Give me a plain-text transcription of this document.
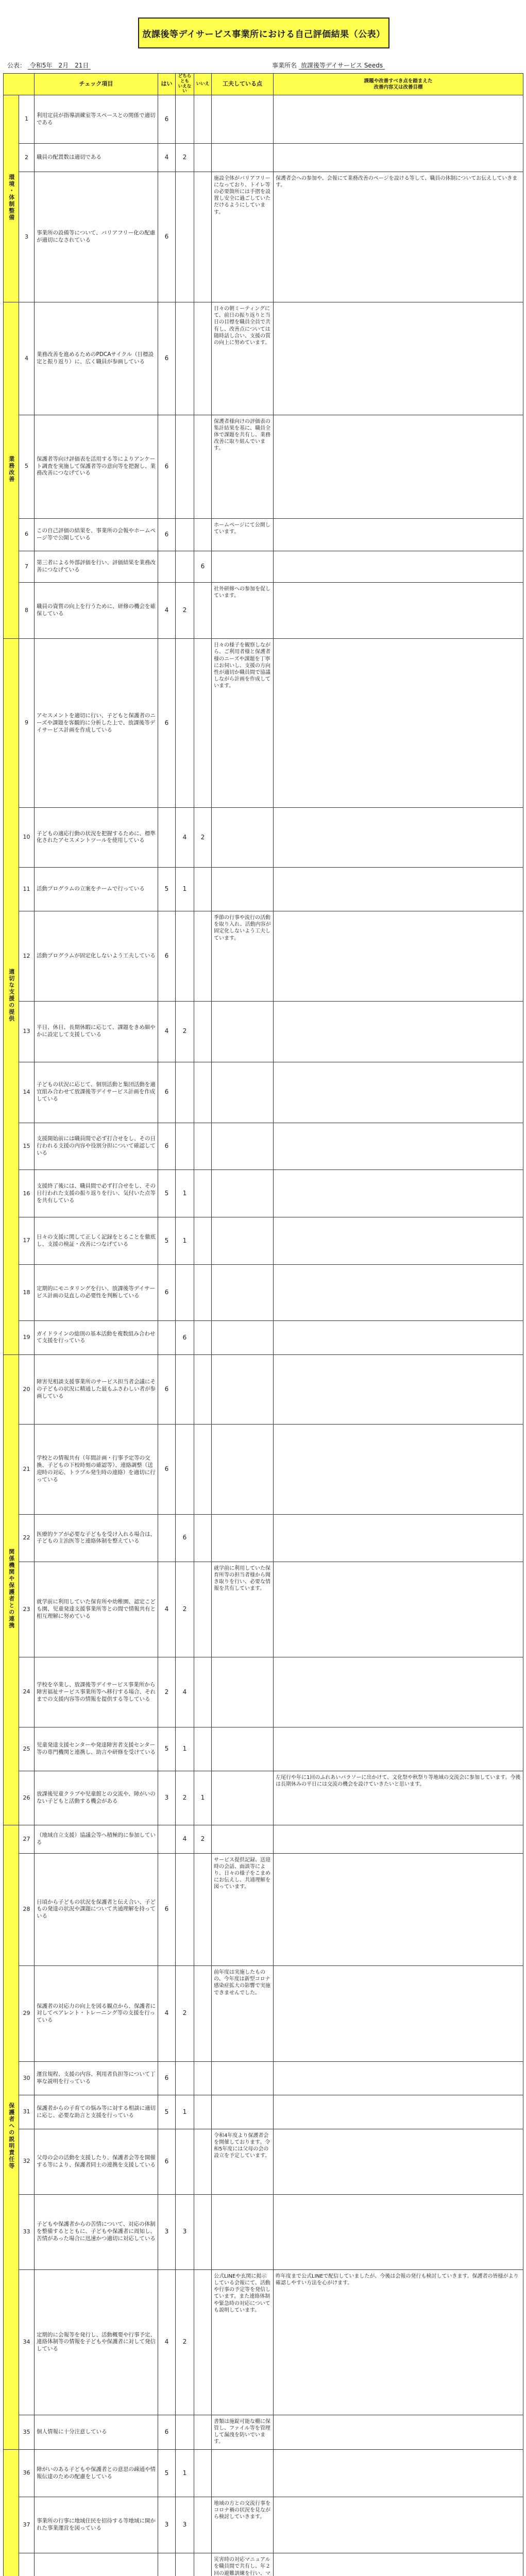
放課後等デイサービス事業所における自己評価結果（公表）
公表： 令和5年　2月　21日	事業所名 放課後等デイサービス Seeds
		チェック項目	はい	どちらとも
いえない	いいえ	工夫している点	課題や改善すべき点を踏まえた
改善内容又は改善目標
環境・体制整備	1	利用定員が指導訓練室等スペースとの関係で適切である	6				
	2	職員の配置数は適切である	4	2			
	3	事業所の設備等について、バリアフリー化の配慮が適切になされている	6			施設全体がバリアフリーになっており、トイレ等の必要箇所には手摺を設置し安全に過ごしていただけるようにしています。	保護者会への参加や、会報にて業務改善のページを設ける等して、職員の体制についてお伝えしていきます。
業務改善	4	業務改善を進めるためのPDCAサイクル（目標設定と振り返り）に、広く職員が参画している	6			日々の朝ミーティングにて、前日の振り返りと当日の目標を職員全員で共有し、改善点については随時話し合い、支援の質の向上に努めています。	
	5	保護者等向け評価表を活用する等によりアンケート調査を実施して保護者等の意向等を把握し、業務改善につなげている	6			保護者様向けの評価表の集計結果を基に、職員全体で課題を共有し、業務改善に取り組んでいます。	
	6	この自己評価の結果を、事業所の会報やホームページ等で公開している	6			ホームページにて公開しています。	
	7	第三者による外部評価を行い、評価結果を業務改善につなげている			6		
	8	職員の資質の向上を行うために、研修の機会を確保している	4	2		社外研修への参加を促しています。	
適切な支援の提供	9	アセスメントを適切に行い、子どもと保護者のニーズや課題を客観的に分析した上で、放課後等デイサービス計画を作成している	6			日々の様子を観察しながら、ご利用者様と保護者様のニーズや課題を丁寧にお伺いし、支援の方向性が適切か職員間で協議しながら計画を作成しています。	
	10	子どもの適応行動の状況を把握するために、標準化されたアセスメントツールを使用している		4	2		
	11	活動プログラムの立案をチームで行っている	5	1			
	12	活動プログラムが固定化しないよう工夫している	6			季節の行事や流行の活動を取り入れ、活動内容が固定化しないよう工夫しています。	
	13	平日、休日、長期休暇に応じて、課題をきめ細やかに設定して支援している	4	2			
	14	子どもの状況に応じて、個別活動と集団活動を適宜組み合わせて放課後等デイサービス計画を作成している	6				
	15	支援開始前には職員間で必ず打合せをし、その日行われる支援の内容や役割分担について確認している	6				
	16	支援終了後には、職員間で必ず打合せをし、その日行われた支援の振り返りを行い、気付いた点等を共有している	5	1			
	17	日々の支援に関して正しく記録をとることを徹底し、支援の検証・改善につなげている	5	1			
	18	定期的にモニタリングを行い、放課後等デイサービス計画の見直しの必要性を判断している	6				
	19	ガイドラインの総則の基本活動を複数組み合わせて支援を行っている		6			
関係機関や保護者との連携	20	障害児相談支援事業所のサービス担当者会議にその子どもの状況に精通した最もふさわしい者が参画している	6				
	21	学校との情報共有（年間計画・行事予定等の交換、子どもの下校時刻の確認等）、連絡調整（送迎時の対応、トラブル発生時の連絡）を適切に行っている	6				
	22	医療的ケアが必要な子どもを受け入れる場合は、子どもの主治医等と連絡体制を整えている		6			
	23	就学前に利用していた保育所や幼稚園、認定こども園、児童発達支援事業所等との間で情報共有と相互理解に努めている	4	2		就学前に利用していた保育所等の担当者様から聞き取りを行い、必要な情報を共有しています。	
	24	学校を卒業し、放課後等デイサービス事業所から障害福祉サービス事業所等へ移行する場合、それまでの支援内容等の情報を提供する等している	2	4			
	25	児童発達支援センターや発達障害者支援センター等の専門機関と連携し、助言や研修を受けている	5	1			
	26	放課後児童クラブや児童館との交流や、障がいのない子どもと活動する機会がある	3	2	1		左尾行や年に1回のふれあいパラソーに出かけて、文化祭や秋祭り等地域の交流会に参加しています。今後は長期休みの平日には交流の機会を設けていきたいと思います。
保護者への説明責任等	27	（地域自立支援）協議会等へ積極的に参加している		4	2		
	28	日頃から子どもの状況を保護者と伝え合い、子どもの発達の状況や課題について共通理解を持っている	6			サービス提供記録、送迎時の会話、面談等により、日々の様子をこまめにお伝えし、共通理解を図っています。	
	29	保護者の対応力の向上を図る観点から、保護者に対してペアレント・トレーニング等の支援を行っている	4	2		前年度は実施したものの、今年度は新型コロナ感染症拡大の影響で実施できませんでした。	
	30	運営規程、支援の内容、利用者負担等について丁寧な説明を行っている	6				
	31	保護者からの子育ての悩み等に対する相談に適切に応じ、必要な助言と支援を行っている	5	1			
	32	父母の会の活動を支援したり、保護者会等を開催する等により、保護者同士の連携を支援している	6			令和4年度より保護者会を開催しております。令和5年度には父母の会の設立を予定しています。	
	33	子どもや保護者からの苦情について、対応の体制を整備するとともに、子どもや保護者に周知し、苦情があった場合に迅速かつ適切に対応している	3	3			
	34	定期的に会報等を発行し、活動概要や行事予定、連絡体制等の情報を子どもや保護者に対して発信している	4	2		公式LINEや玄関に掲示している会報にて、活動や行事の予定等を発信しています。また連絡体制や緊急時の対応についても説明しています。	昨年度まで公式LINEで配信していましたが、今後は会報の発行も検討していきます。保護者の皆様がより確認しやすい方法を心がけます。
	35	個人情報に十分注意している	6			書類は施錠可能な棚に保管し、ファイル等を管理して漏洩を防いでいます。	
	36	障がいのある子どもや保護者との意思の疎通や情報伝達のための配慮をしている	5	1			
	37	事業所の行事に地域住民を招待する等地域に開かれた事業運営を図っている	3	3		地域の方との交流行事をコロナ禍の状況を見ながら検討していきます。	
					災害時の対応マニュアルを職員間で共有し、年２回の避難訓練を行い、マ	
